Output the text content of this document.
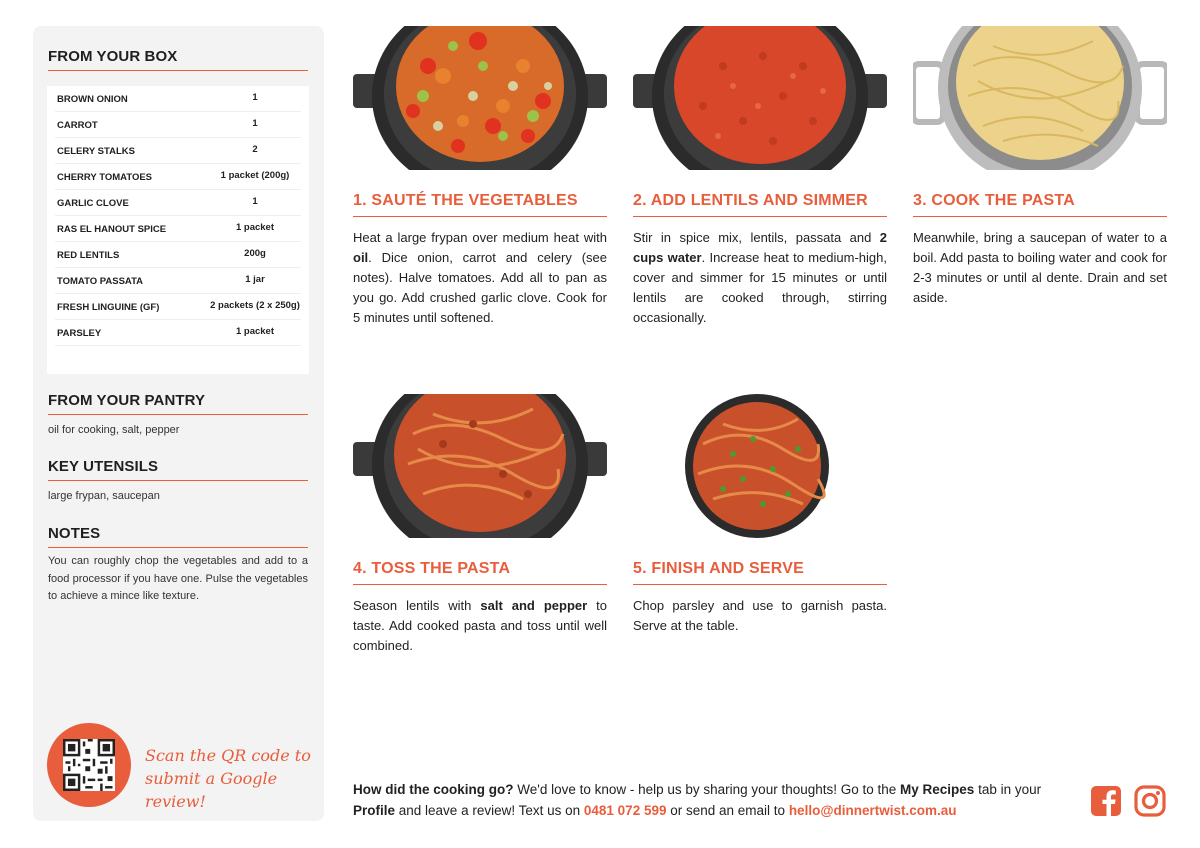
FROM YOUR BOX
BROWN ONION	1
CARROT	1
CELERY STALKS	2
CHERRY TOMATOES	1 packet (200g)
GARLIC CLOVE	1
RAS EL HANOUT SPICE	1 packet
RED LENTILS	200g
TOMATO PASSATA	1 jar
FRESH LINGUINE (GF)	2 packets (2 x 250g)
PARSLEY	1 packet
FROM YOUR PANTRY
oil for cooking, salt, pepper
KEY UTENSILS
large frypan, saucepan
NOTES
You can roughly chop the vegetables and add to a food processor if you have one. Pulse the vegetables to achieve a mince like texture.
Scan the QR code to
submit a Google review!
1. SAUTÉ THE VEGETABLES
Heat a large frypan over medium heat with oil. Dice onion, carrot and celery (see notes). Halve tomatoes. Add all to pan as you go. Add crushed garlic clove. Cook for 5 minutes until softened.
2. ADD LENTILS AND SIMMER
Stir in spice mix, lentils, passata and 2 cups water. Increase heat to medium-high, cover and simmer for 15 minutes or until lentils are cooked through, stirring occasionally.
3. COOK THE PASTA
Meanwhile, bring a saucepan of water to a boil. Add pasta to boiling water and cook for 2-3 minutes or until al dente. Drain and set aside.
4. TOSS THE PASTA
Season lentils with salt and pepper to taste. Add cooked pasta and toss until well combined.
5. FINISH AND SERVE
Chop parsley and use to garnish pasta. Serve at the table.
How did the cooking go? We'd love to know - help us by sharing your thoughts! Go to the My Recipes tab in your Profile and leave a review! Text us on 0481 072 599 or send an email to hello@dinnertwist.com.au
